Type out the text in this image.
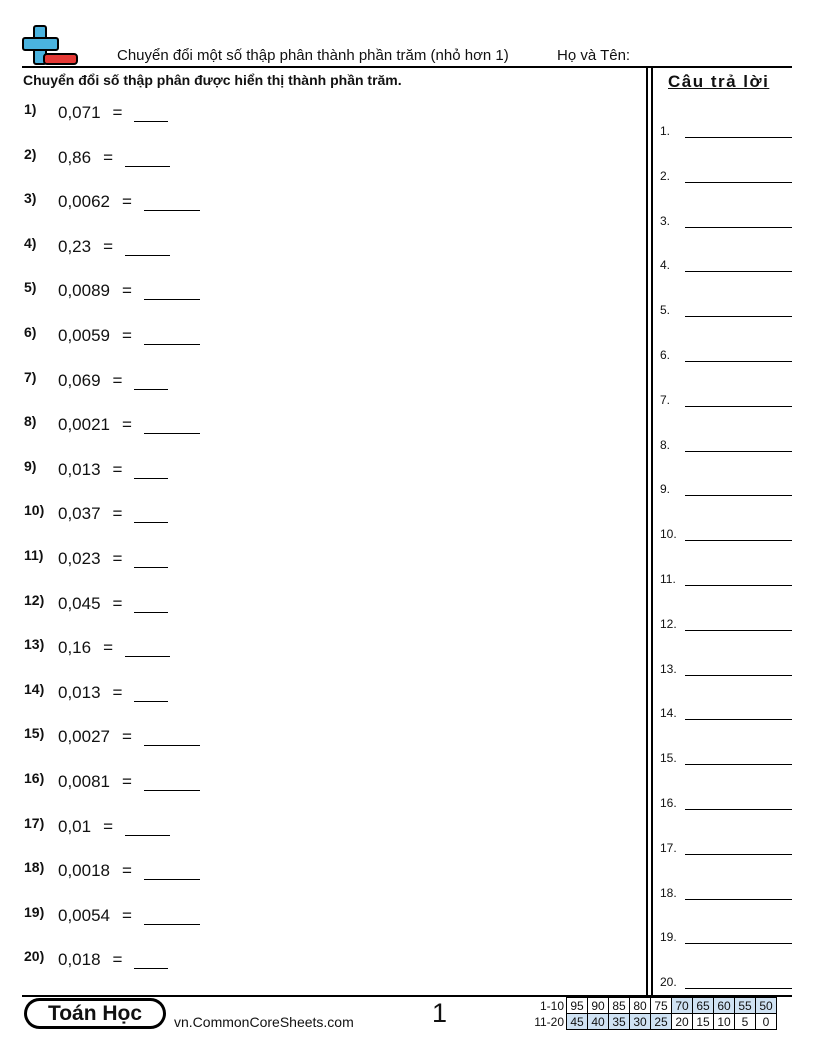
Chuyển đổi một số thập phân thành phần trăm (nhỏ hơn 1)	Họ và Tên:
Chuyển đổi số thập phân được hiển thị thành phần trăm.	Câu trả lời
1)	0,071 =
2)	0,86 =
3)	0,0062 =
4)	0,23 =
5)	0,0089 =
6)	0,0059 =
7)	0,069 =
8)	0,0021 =
9)	0,013 =
10) 0,037 =
11) 0,023 =
12) 0,045 =
13) 0,16 =
14) 0,013 =
15) 0,0027 =
16) 0,0081 =
17) 0,01 =
18) 0,0018 =
19) 0,0054 =
20) 0,018 =
1.
2.
3.
4.
5.
6.
7.
8.
9.
10.
11.
12.
13.
14.
15.
16.
17.
18.
19.
20.
Toán Học	vn.CommonCoreSheets.com	1	1-10	95	90	85	80	75	70	65	60	55	50
11-20	45	40	35	30	25	20	15	10	5	0
